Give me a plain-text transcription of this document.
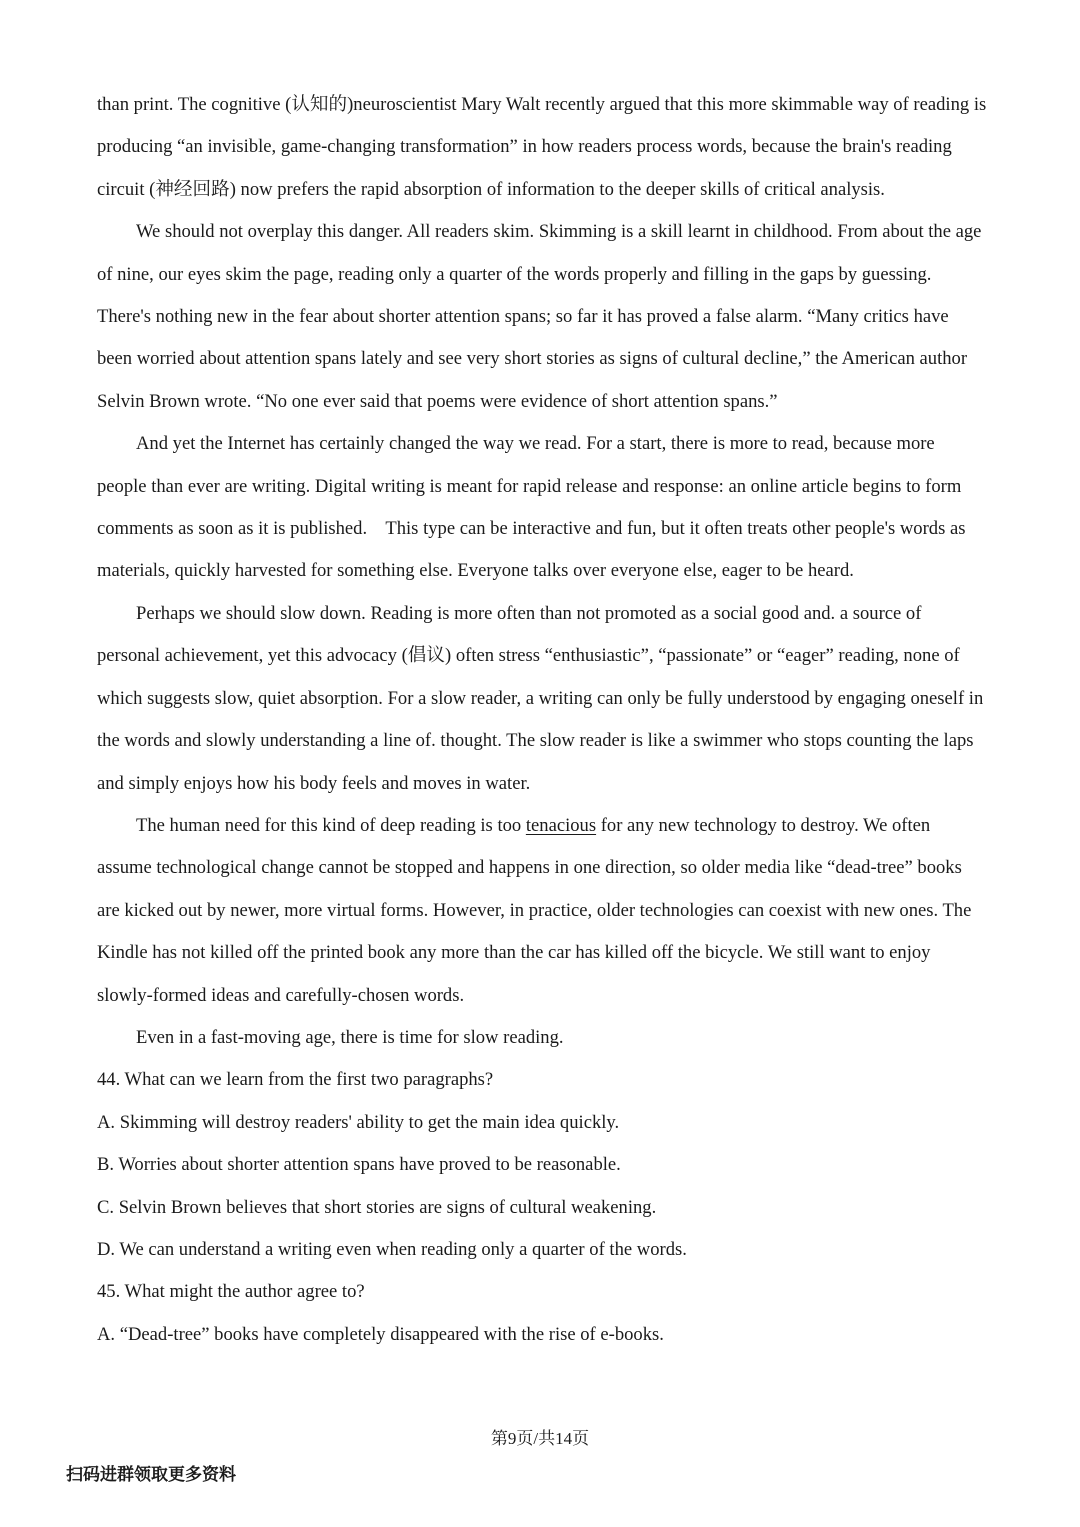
than print. The cognitive (认知的)neuroscientist Mary Walt recently argued that this more skimmable way of reading is producing “an invisible, game-changing transformation” in how readers process words, because the brain's reading circuit (神经回路) now prefers the rapid absorption of information to the deeper skills of critical analysis.

We should not overplay this danger. All readers skim. Skimming is a skill learnt in childhood. From about the age of nine, our eyes skim the page, reading only a quarter of the words properly and filling in the gaps by guessing. There's nothing new in the fear about shorter attention spans; so far it has proved a false alarm. “Many critics have been worried about attention spans lately and see very short stories as signs of cultural decline,” the American author Selvin Brown wrote. “No one ever said that poems were evidence of short attention spans.”

And yet the Internet has certainly changed the way we read. For a start, there is more to read, because more people than ever are writing. Digital writing is meant for rapid release and response: an online article begins to form comments as soon as it is published.    This type can be interactive and fun, but it often treats other people's words as materials, quickly harvested for something else. Everyone talks over everyone else, eager to be heard.

Perhaps we should slow down. Reading is more often than not promoted as a social good and. a source of personal achievement, yet this advocacy (倡议) often stress “enthusiastic”, “passionate” or “eager” reading, none of which suggests slow, quiet absorption. For a slow reader, a writing can only be fully understood by engaging oneself in the words and slowly understanding a line of. thought. The slow reader is like a swimmer who stops counting the laps and simply enjoys how his body feels and moves in water.

The human need for this kind of deep reading is too tenacious for any new technology to destroy. We often assume technological change cannot be stopped and happens in one direction, so older media like “dead-tree” books are kicked out by newer, more virtual forms. However, in practice, older technologies can coexist with new ones. The Kindle has not killed off the printed book any more than the car has killed off the bicycle. We still want to enjoy slowly-formed ideas and carefully-chosen words.

Even in a fast-moving age, there is time for slow reading.

44. What can we learn from the first two paragraphs?

A. Skimming will destroy readers' ability to get the main idea quickly.

B. Worries about shorter attention spans have proved to be reasonable.

C. Selvin Brown believes that short stories are signs of cultural weakening.

D. We can understand a writing even when reading only a quarter of the words.

45. What might the author agree to?

A. “Dead-tree” books have completely disappeared with the rise of e-books.

第9页/共14页
扫码进群领取更多资料
